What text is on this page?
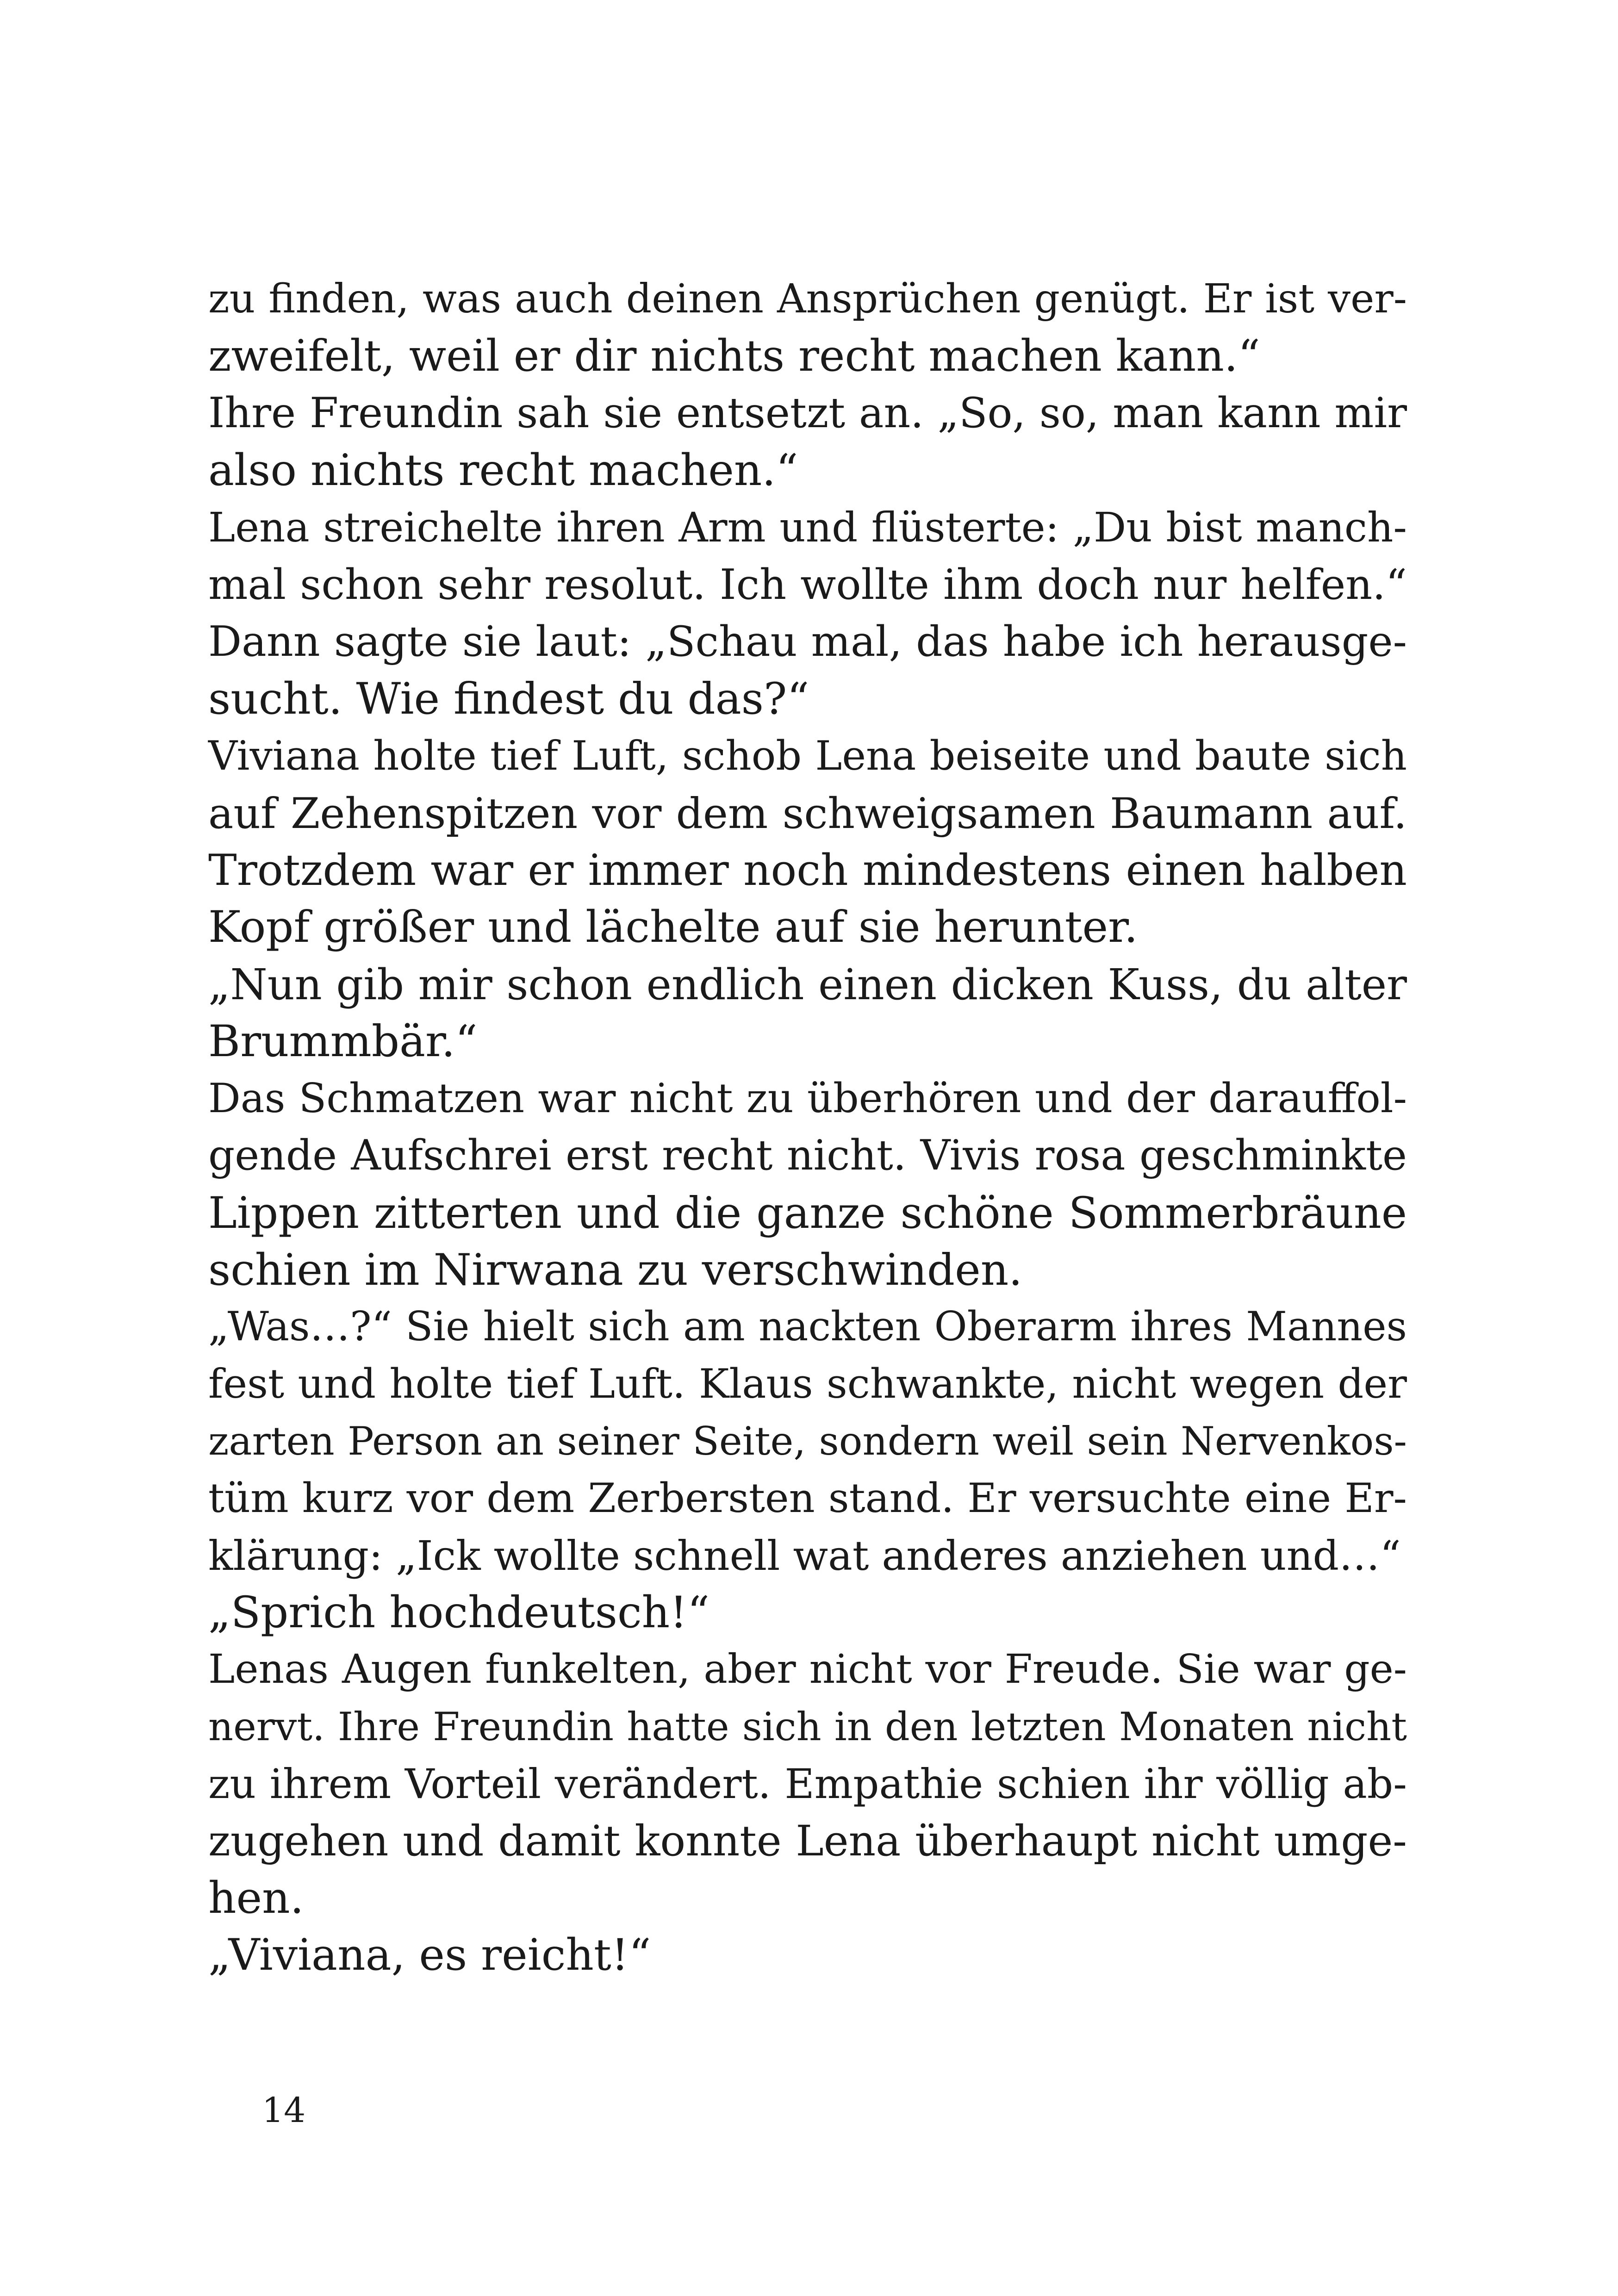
zu finden, was auch deinen Ansprüchen genügt. Er ist ver-
zweifelt, weil er dir nichts recht machen kann.“
Ihre Freundin sah sie entsetzt an. „So, so, man kann mir
also nichts recht machen.“
Lena streichelte ihren Arm und flüsterte: „Du bist manch-
mal schon sehr resolut. Ich wollte ihm doch nur helfen.“
Dann sagte sie laut: „Schau mal, das habe ich herausge-
sucht. Wie findest du das?“
Viviana holte tief Luft, schob Lena beiseite und baute sich
auf Zehenspitzen vor dem schweigsamen Baumann auf.
Trotzdem war er immer noch mindestens einen halben
Kopf größer und lächelte auf sie herunter.
„Nun gib mir schon endlich einen dicken Kuss, du alter
Brummbär.“
Das Schmatzen war nicht zu überhören und der darauffol-
gende Aufschrei erst recht nicht. Vivis rosa geschminkte
Lippen zitterten und die ganze schöne Sommerbräune
schien im Nirwana zu verschwinden.
„Was…?“ Sie hielt sich am nackten Oberarm ihres Mannes
fest und holte tief Luft. Klaus schwankte, nicht wegen der
zarten Person an seiner Seite, sondern weil sein Nervenkos-
tüm kurz vor dem Zerbersten stand. Er versuchte eine Er-
klärung: „Ick wollte schnell wat anderes anziehen und…“
„Sprich hochdeutsch!“
Lenas Augen funkelten, aber nicht vor Freude. Sie war ge-
nervt. Ihre Freundin hatte sich in den letzten Monaten nicht
zu ihrem Vorteil verändert. Empathie schien ihr völlig ab-
zugehen und damit konnte Lena überhaupt nicht umge-
hen.
„Viviana, es reicht!“
14
